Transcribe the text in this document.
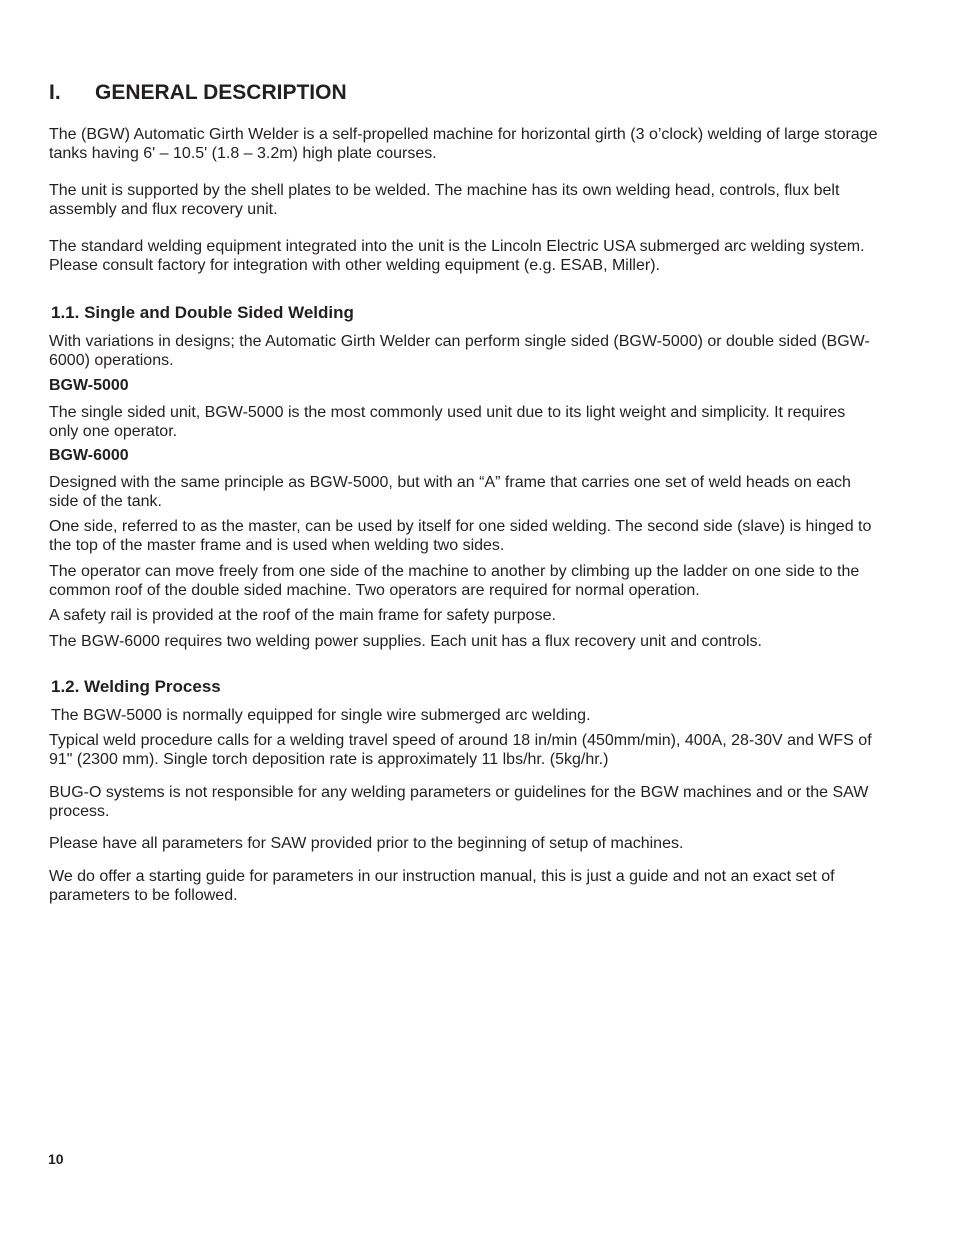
I. GENERAL DESCRIPTION

The (BGW) Automatic Girth Welder is a self-propelled machine for horizontal girth (3 o’clock) welding of large storage tanks having 6' – 10.5' (1.8 – 3.2m) high plate courses.

The unit is supported by the shell plates to be welded. The machine has its own welding head, controls, flux belt assembly and flux recovery unit.

The standard welding equipment integrated into the unit is the Lincoln Electric USA submerged arc welding system. Please consult factory for integration with other welding equipment (e.g. ESAB, Miller).

1.1. Single and Double Sided Welding

With variations in designs; the Automatic Girth Welder can perform single sided (BGW-5000) or double sided (BGW-6000) operations.

BGW-5000

The single sided unit, BGW-5000 is the most commonly used unit due to its light weight and simplicity. It requires only one operator.

BGW-6000

Designed with the same principle as BGW-5000, but with an “A” frame that carries one set of weld heads on each side of the tank.

One side, referred to as the master, can be used by itself for one sided welding. The second side (slave) is hinged to the top of the master frame and is used when welding two sides.

The operator can move freely from one side of the machine to another by climbing up the ladder on one side to the common roof of the double sided machine. Two operators are required for normal operation.

A safety rail is provided at the roof of the main frame for safety purpose.

The BGW-6000 requires two welding power supplies. Each unit has a flux recovery unit and controls.

1.2. Welding Process

The BGW-5000 is normally equipped for single wire submerged arc welding.

Typical weld procedure calls for a welding travel speed of around 18 in/min (450mm/min), 400A, 28-30V and WFS of 91" (2300 mm). Single torch deposition rate is approximately 11 lbs/hr. (5kg/hr.)

BUG-O systems is not responsible for any welding parameters or guidelines for the BGW machines and or the SAW process.

Please have all parameters for SAW provided prior to the beginning of setup of machines.

We do offer a starting guide for parameters in our instruction manual, this is just a guide and not an exact set of parameters to be followed.

10
